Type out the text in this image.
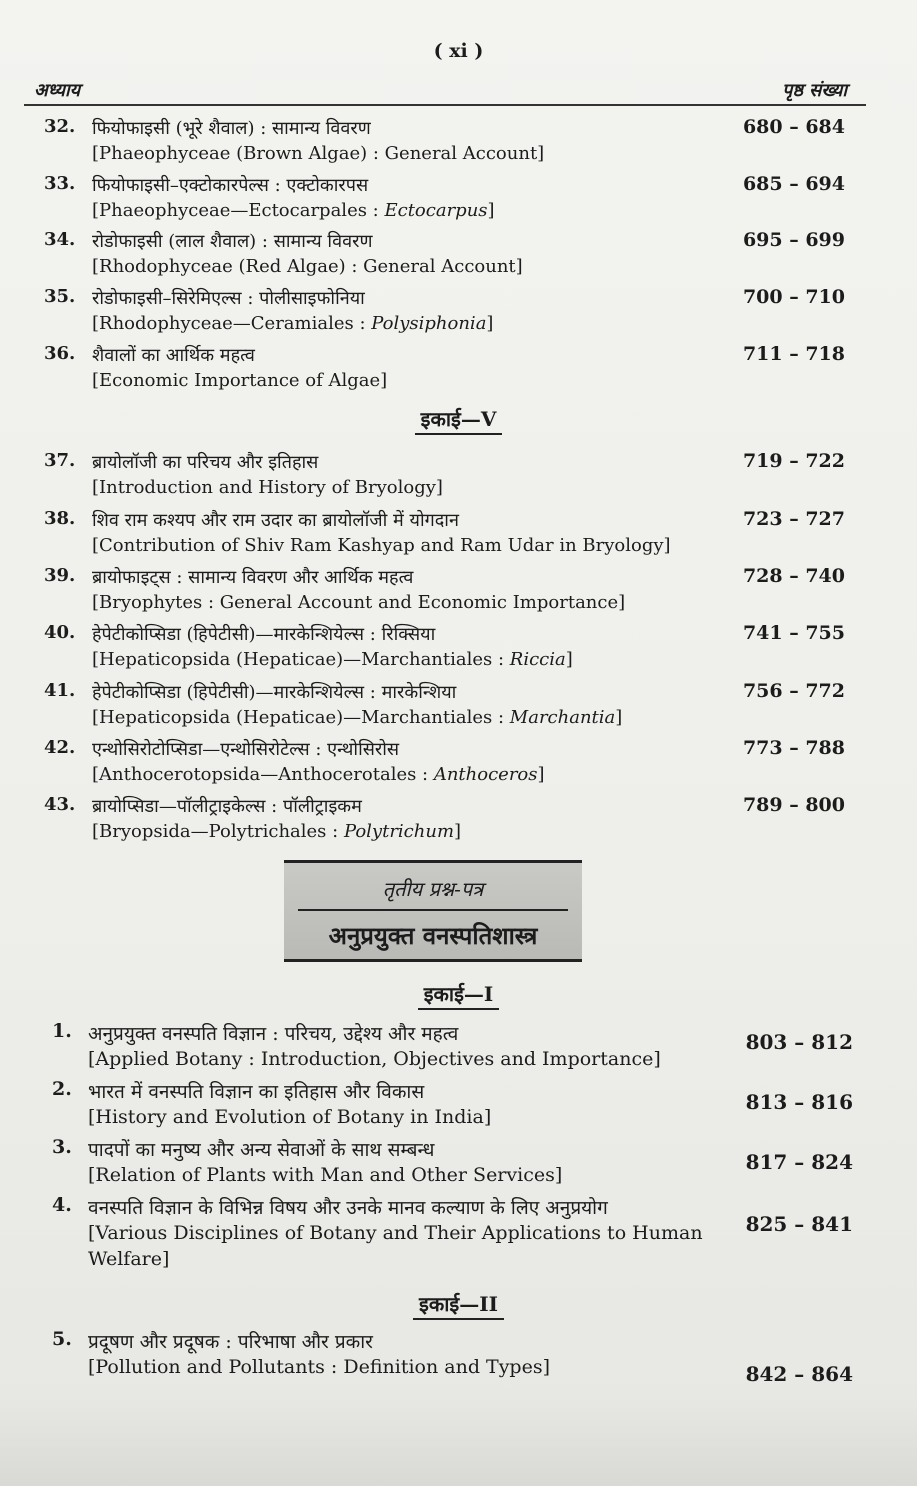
( xi )
अध्याय	पृष्ठ संख्या
32. फियोफाइसी (भूरे शैवाल) : सामान्य विवरण
[Phaeophyceae (Brown Algae) : General Account]
680 – 684
33. फियोफाइसी–एक्टोकारपेल्स : एक्टोकारपस
[Phaeophyceae—Ectocarpales : Ectocarpus]
685 – 694
34. रोडोफाइसी (लाल शैवाल) : सामान्य विवरण
[Rhodophyceae (Red Algae) : General Account]
695 – 699
35. रोडोफाइसी–सिरेमिएल्स : पोलीसाइफोनिया
[Rhodophyceae—Ceramiales : Polysiphonia]
700 – 710
36. शैवालों का आर्थिक महत्व
[Economic Importance of Algae]
711 – 718
इकाई—V
37. ब्रायोलॉजी का परिचय और इतिहास
[Introduction and History of Bryology]
719 – 722
38. शिव राम कश्यप और राम उदार का ब्रायोलॉजी में योगदान
[Contribution of Shiv Ram Kashyap and Ram Udar in Bryology]
723 – 727
39. ब्रायोफाइट्स : सामान्य विवरण और आर्थिक महत्व
[Bryophytes : General Account and Economic Importance]
728 – 740
40. हेपेटीकोप्सिडा (हिपेटीसी)—मारकेन्शियेल्स : रिक्सिया
[Hepaticopsida (Hepaticae)—Marchantiales : Riccia]
741 – 755
41. हेपेटीकोप्सिडा (हिपेटीसी)—मारकेन्शियेल्स : मारकेन्शिया
[Hepaticopsida (Hepaticae)—Marchantiales : Marchantia]
756 – 772
42. एन्थोसिरोटोप्सिडा—एन्थोसिरोटेल्स : एन्थोसिरोस
[Anthocerotopsida—Anthocerotales : Anthoceros]
773 – 788
43. ब्रायोप्सिडा—पॉलीट्राइकेल्स : पॉलीट्राइकम
[Bryopsida—Polytrichales : Polytrichum]
789 – 800
तृतीय प्रश्न-पत्र
अनुप्रयुक्त वनस्पतिशास्त्र
इकाई—I
1. अनुप्रयुक्त वनस्पति विज्ञान : परिचय, उद्देश्य और महत्व
[Applied Botany : Introduction, Objectives and Importance]
803 – 812
2. भारत में वनस्पति विज्ञान का इतिहास और विकास
[History and Evolution of Botany in India]
813 – 816
3. पादपों का मनुष्य और अन्य सेवाओं के साथ सम्बन्ध
[Relation of Plants with Man and Other Services]
817 – 824
4. वनस्पति विज्ञान के विभिन्न विषय और उनके मानव कल्याण के लिए अनुप्रयोग
[Various Disciplines of Botany and Their Applications to Human
Welfare]
825 – 841
इकाई—II
5. प्रदूषण और प्रदूषक : परिभाषा और प्रकार
[Pollution and Pollutants : Definition and Types]	842 – 864
